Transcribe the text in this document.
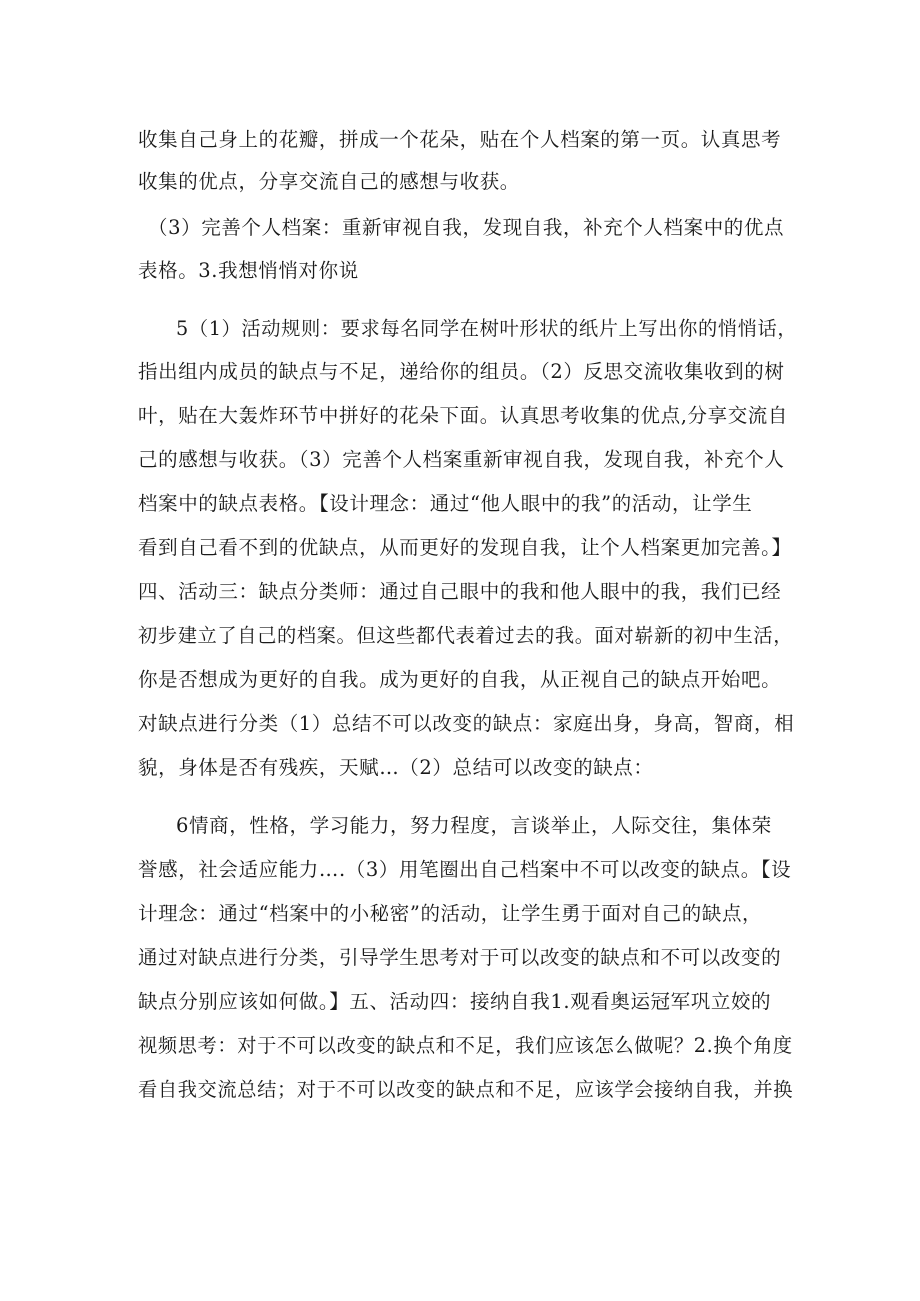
收集自己身上的花瓣，拼成一个花朵，贴在个人档案的第一页。认真思考
收集的优点，分享交流自己的感想与收获。
（3）完善个人档案：重新审视自我，发现自我，补充个人档案中的优点
表格。3.我想悄悄对你说
5（1）活动规则：要求每名同学在树叶形状的纸片上写出你的悄悄话，
指出组内成员的缺点与不足，递给你的组员。（2）反思交流收集收到的树
叶，贴在大轰炸环节中拼好的花朵下面。认真思考收集的优点,分享交流自
己的感想与收获。（3）完善个人档案重新审视自我，发现自我，补充个人
档案中的缺点表格。【设计理念：通过“他人眼中的我”的活动，让学生
看到自己看不到的优缺点，从而更好的发现自我，让个人档案更加完善。】
四、活动三：缺点分类师：通过自己眼中的我和他人眼中的我，我们已经
初步建立了自己的档案。但这些都代表着过去的我。面对崭新的初中生活，
你是否想成为更好的自我。成为更好的自我，从正视自己的缺点开始吧。
对缺点进行分类（1）总结不可以改变的缺点：家庭出身，身高，智商，相
貌，身体是否有残疾，天赋…（2）总结可以改变的缺点：
6情商，性格，学习能力，努力程度，言谈举止，人际交往，集体荣
誉感，社会适应能力….（3）用笔圈出自己档案中不可以改变的缺点。【设
计理念：通过“档案中的小秘密”的活动，让学生勇于面对自己的缺点，
通过对缺点进行分类，引导学生思考对于可以改变的缺点和不可以改变的
缺点分别应该如何做。】五、活动四：接纳自我1.观看奥运冠军巩立姣的
视频思考：对于不可以改变的缺点和不足，我们应该怎么做呢？2.换个角度
看自我交流总结；对于不可以改变的缺点和不足，应该学会接纳自我，并换
